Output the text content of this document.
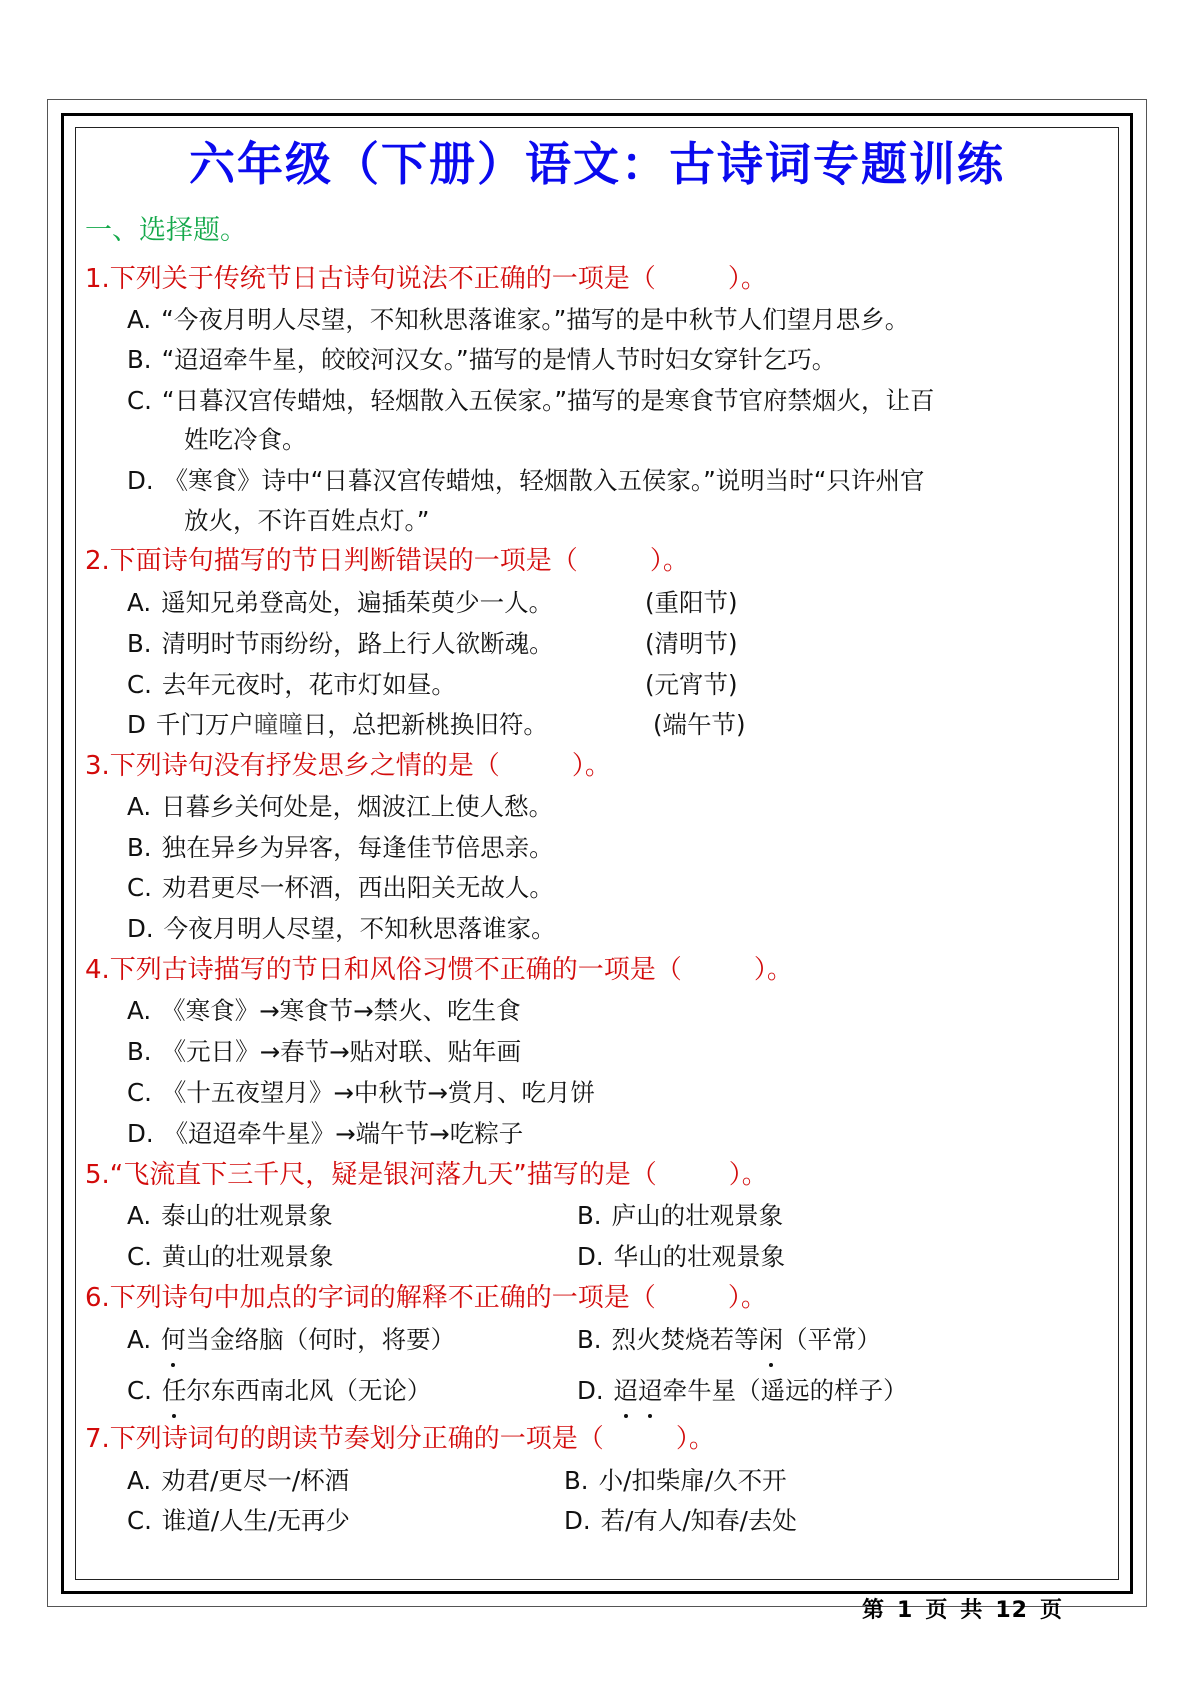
六年级（下册）语文：古诗词专题训练
一、选择题。
1.下列关于传统节日古诗句说法不正确的一项是（	）。
A. “今夜月明人尽望，不知秋思落谁家。”描写的是中秋节人们望月思乡。
B. “迢迢牵牛星，皎皎河汉女。”描写的是情人节时妇女穿针乞巧。
C. “日暮汉宫传蜡烛，轻烟散入五侯家。”描写的是寒食节官府禁烟火，让百
姓吃冷食。
D. 《寒食》诗中“日暮汉宫传蜡烛，轻烟散入五侯家。”说明当时“只许州官
放火，不许百姓点灯。”
2.下面诗句描写的节日判断错误的一项是（	）。
A. 遥知兄弟登高处，遍插茱萸少一人。	(重阳节)
B. 清明时节雨纷纷，路上行人欲断魂。	(清明节)
C. 去年元夜时，花市灯如昼。	(元宵节)
D 千门万户曈曈日，总把新桃换旧符。	(端午节)
3.下列诗句没有抒发思乡之情的是（	）。
A. 日暮乡关何处是，烟波江上使人愁。
B. 独在异乡为异客，每逢佳节倍思亲。
C. 劝君更尽一杯酒，西出阳关无故人。
D. 今夜月明人尽望，不知秋思落谁家。
4.下列古诗描写的节日和风俗习惯不正确的一项是（	）。
A. 《寒食》→寒食节→禁火、吃生食
B. 《元日》→春节→贴对联、贴年画
C. 《十五夜望月》→中秋节→赏月、吃月饼
D. 《迢迢牵牛星》→端午节→吃粽子
5.“飞流直下三千尺，疑是银河落九天”描写的是（	）。
A. 泰山的壮观景象	B. 庐山的壮观景象
C. 黄山的壮观景象	D. 华山的壮观景象
6.下列诗句中加点的字词的解释不正确的一项是（	）。
A. 何当金络脑（何时，将要）	B. 烈火焚烧若等闲（平常）
C. 任尔东西南北风（无论）	D. 迢迢牵牛星（遥远的样子）
7.下列诗词句的朗读节奏划分正确的一项是（	）。
A. 劝君/更尽一/杯酒	B. 小/扣柴扉/久不开
C. 谁道/人生/无再少	D. 若/有人/知春/去处
第 1 页 共 12 页
